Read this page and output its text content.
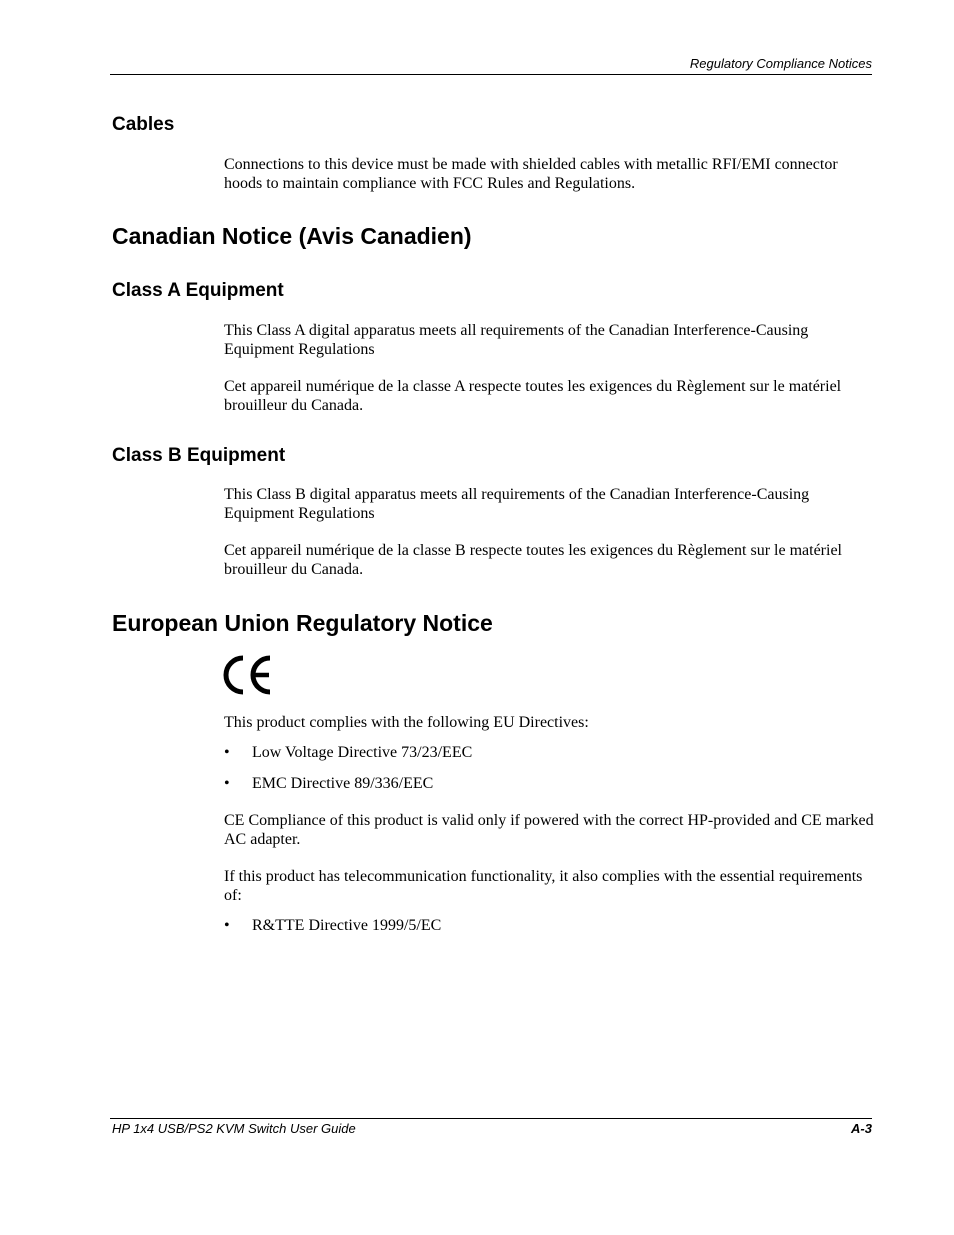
Regulatory Compliance Notices
Cables

Connections to this device must be made with shielded cables with metallic RFI/EMI connector hoods to maintain compliance with FCC Rules and Regulations.

Canadian Notice (Avis Canadien)
Class A Equipment

This Class A digital apparatus meets all requirements of the Canadian Interference-Causing Equipment Regulations

Cet appareil numérique de la classe A respecte toutes les exigences du Règlement sur le matériel brouilleur du Canada.

Class B Equipment

This Class B digital apparatus meets all requirements of the Canadian Interference-Causing Equipment Regulations

Cet appareil numérique de la classe B respecte toutes les exigences du Règlement sur le matériel brouilleur du Canada.

European Union Regulatory Notice

This product complies with the following EU Directives:

• Low Voltage Directive 73/23/EEC
• EMC Directive 89/336/EEC

CE Compliance of this product is valid only if powered with the correct HP-provided and CE marked AC adapter.

If this product has telecommunication functionality, it also complies with the essential requirements of:

• R&TTE Directive 1999/5/EC
HP 1x4 USB/PS2 KVM Switch User Guide	A-3
